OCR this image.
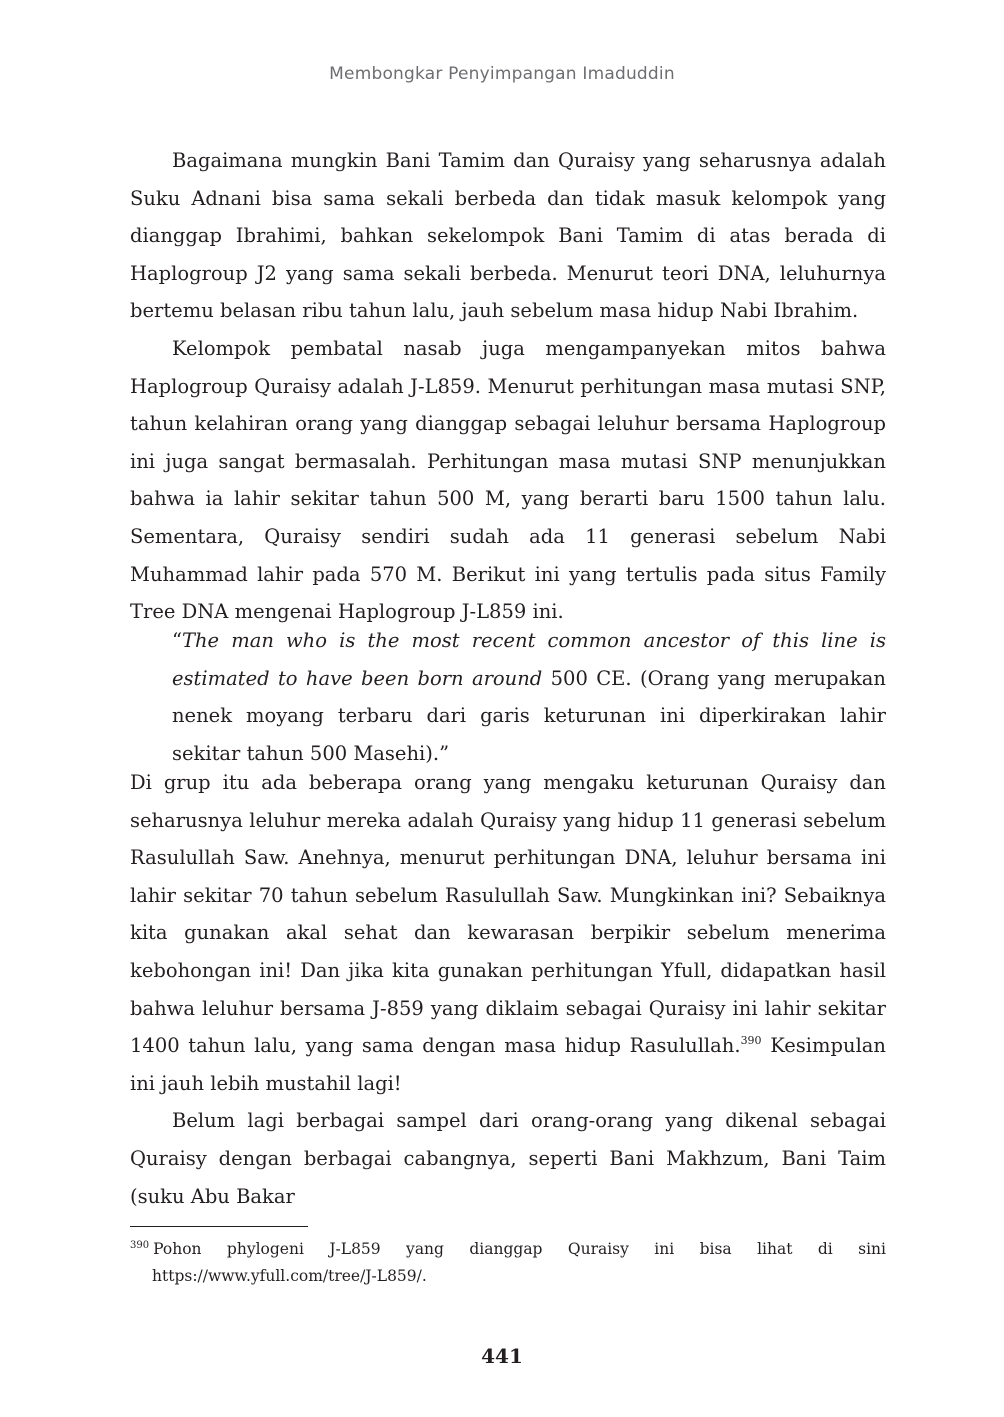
Membongkar Penyimpangan Imaduddin

Bagaimana mungkin Bani Tamim dan Quraisy yang seharusnya adalah Suku Adnani bisa sama sekali berbeda dan tidak masuk kelompok yang dianggap Ibrahimi, bahkan sekelompok Bani Tamim di atas berada di Haplogroup J2 yang sama sekali berbeda. Menurut teori DNA, leluhurnya bertemu belasan ribu tahun lalu, jauh sebelum masa hidup Nabi Ibrahim.

Kelompok pembatal nasab juga mengampanyekan mitos bahwa Haplogroup Quraisy adalah J-L859. Menurut perhitungan masa mutasi SNP, tahun kelahiran orang yang dianggap sebagai leluhur bersama Haplogroup ini juga sangat bermasalah. Perhitungan masa mutasi SNP menunjukkan bahwa ia lahir sekitar tahun 500 M, yang berarti baru 1500 tahun lalu. Sementara, Quraisy sendiri sudah ada 11 generasi sebelum Nabi Muhammad lahir pada 570 M. Berikut ini yang tertulis pada situs Family Tree DNA mengenai Haplogroup J-L859 ini.

“The man who is the most recent common ancestor of this line is estimated to have been born around 500 CE. (Orang yang merupakan nenek moyang terbaru dari garis keturunan ini diperkirakan lahir sekitar tahun 500 Masehi).”

Di grup itu ada beberapa orang yang mengaku keturunan Quraisy dan seharusnya leluhur mereka adalah Quraisy yang hidup 11 generasi sebelum Rasulullah Saw. Anehnya, menurut perhitungan DNA, leluhur bersama ini lahir sekitar 70 tahun sebelum Rasulullah Saw. Mungkinkan ini? Sebaiknya kita gunakan akal sehat dan kewarasan berpikir sebelum menerima kebohongan ini! Dan jika kita gunakan perhitungan Yfull, didapatkan hasil bahwa leluhur bersama J-859 yang diklaim sebagai Quraisy ini lahir sekitar 1400 tahun lalu, yang sama dengan masa hidup Rasulullah.$^{390}$ Kesimpulan ini jauh lebih mustahil lagi!

Belum lagi berbagai sampel dari orang-orang yang dikenal sebagai Quraisy dengan berbagai cabangnya, seperti Bani Makhzum, Bani Taim (suku Abu Bakar

$^{390}$ Pohon phylogeni J-L859 yang dianggap Quraisy ini bisa lihat di sini https://www.yfull.com/tree/J-L859/.

441
